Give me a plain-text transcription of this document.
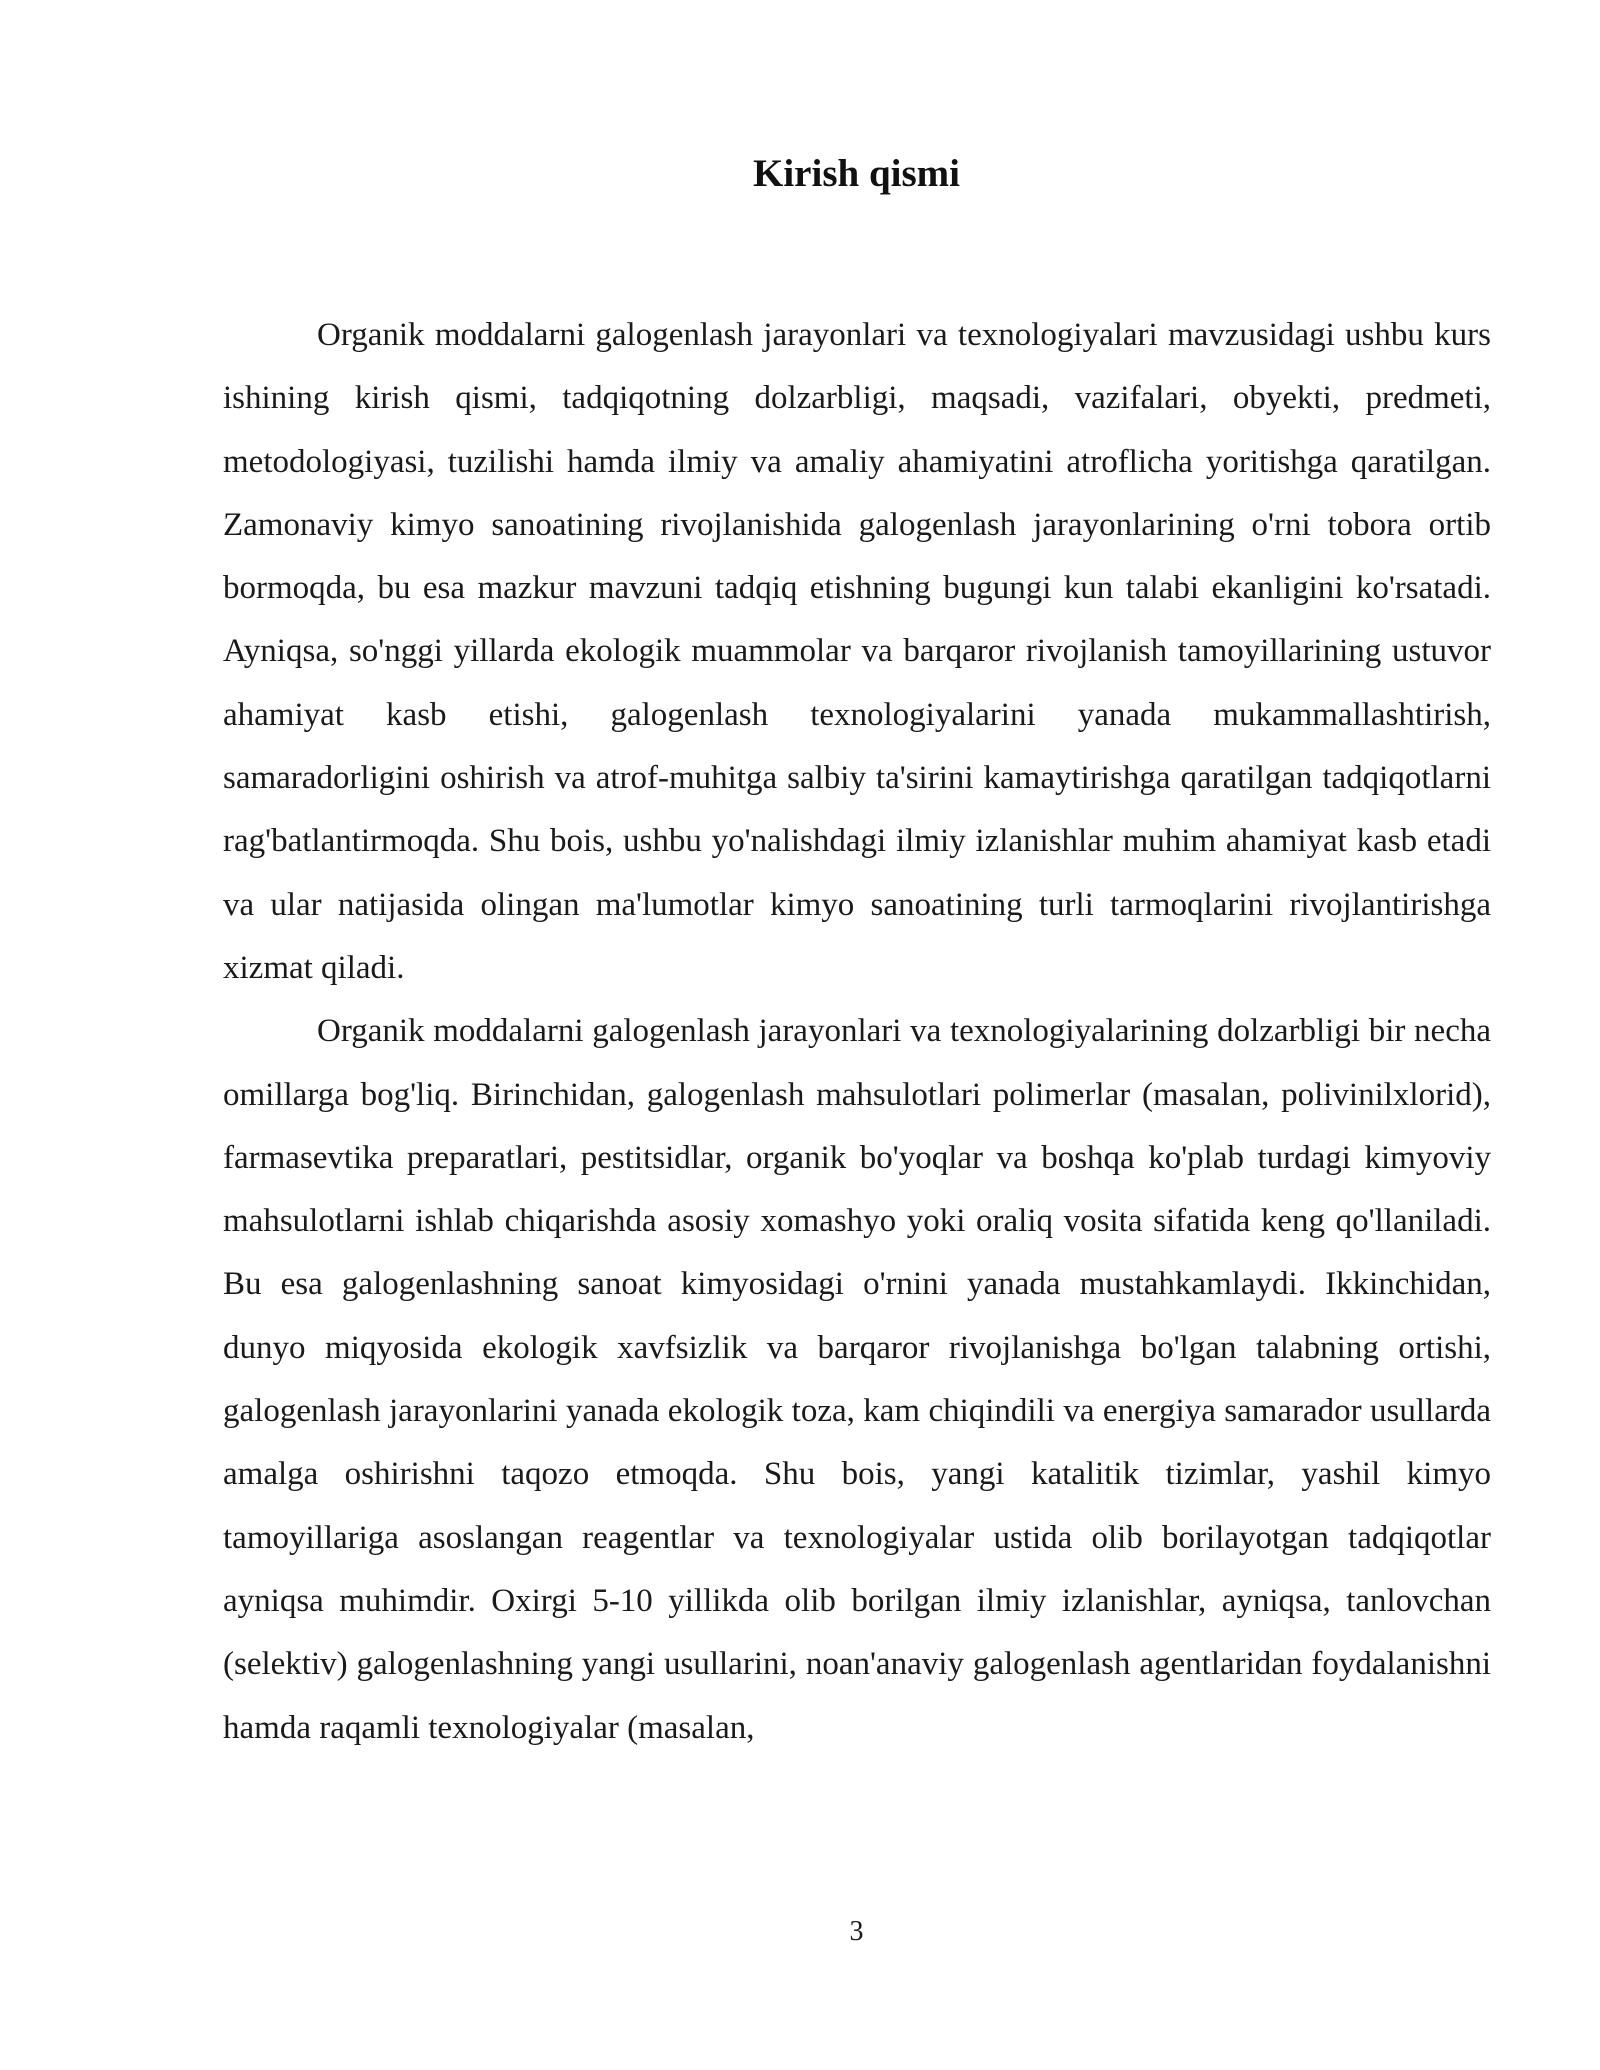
Kirish qismi

Organik moddalarni galogenlash jarayonlari va texnologiyalari mavzusidagi ushbu kurs ishining kirish qismi, tadqiqotning dolzarbligi, maqsadi, vazifalari, obyekti, predmeti, metodologiyasi, tuzilishi hamda ilmiy va amaliy ahamiyatini atroflicha yoritishga qaratilgan. Zamonaviy kimyo sanoatining rivojlanishida galogenlash jarayonlarining o'rni tobora ortib bormoqda, bu esa mazkur mavzuni tadqiq etishning bugungi kun talabi ekanligini ko'rsatadi. Ayniqsa, so'nggi yillarda ekologik muammolar va barqaror rivojlanish tamoyillarining ustuvor ahamiyat kasb etishi, galogenlash texnologiyalarini yanada mukammallashtirish, samaradorligini oshirish va atrof-muhitga salbiy ta'sirini kamaytirishga qaratilgan tadqiqotlarni rag'batlantirmoqda. Shu bois, ushbu yo'nalishdagi ilmiy izlanishlar muhim ahamiyat kasb etadi va ular natijasida olingan ma'lumotlar kimyo sanoatining turli tarmoqlarini rivojlantirishga xizmat qiladi.

Organik moddalarni galogenlash jarayonlari va texnologiyalarining dolzarbligi bir necha omillarga bog'liq. Birinchidan, galogenlash mahsulotlari polimerlar (masalan, polivinilxlorid), farmasevtika preparatlari, pestitsidlar, organik bo'yoqlar va boshqa ko'plab turdagi kimyoviy mahsulotlarni ishlab chiqarishda asosiy xomashyo yoki oraliq vosita sifatida keng qo'llaniladi. Bu esa galogenlashning sanoat kimyosidagi o'rnini yanada mustahkamlaydi. Ikkinchidan, dunyo miqyosida ekologik xavfsizlik va barqaror rivojlanishga bo'lgan talabning ortishi, galogenlash jarayonlarini yanada ekologik toza, kam chiqindili va energiya samarador usullarda amalga oshirishni taqozo etmoqda. Shu bois, yangi katalitik tizimlar, yashil kimyo tamoyillariga asoslangan reagentlar va texnologiyalar ustida olib borilayotgan tadqiqotlar ayniqsa muhimdir. Oxirgi 5-10 yillikda olib borilgan ilmiy izlanishlar, ayniqsa, tanlovchan (selektiv) galogenlashning yangi usullarini, noan'anaviy galogenlash agentlaridan foydalanishni hamda raqamli texnologiyalar (masalan,

3
